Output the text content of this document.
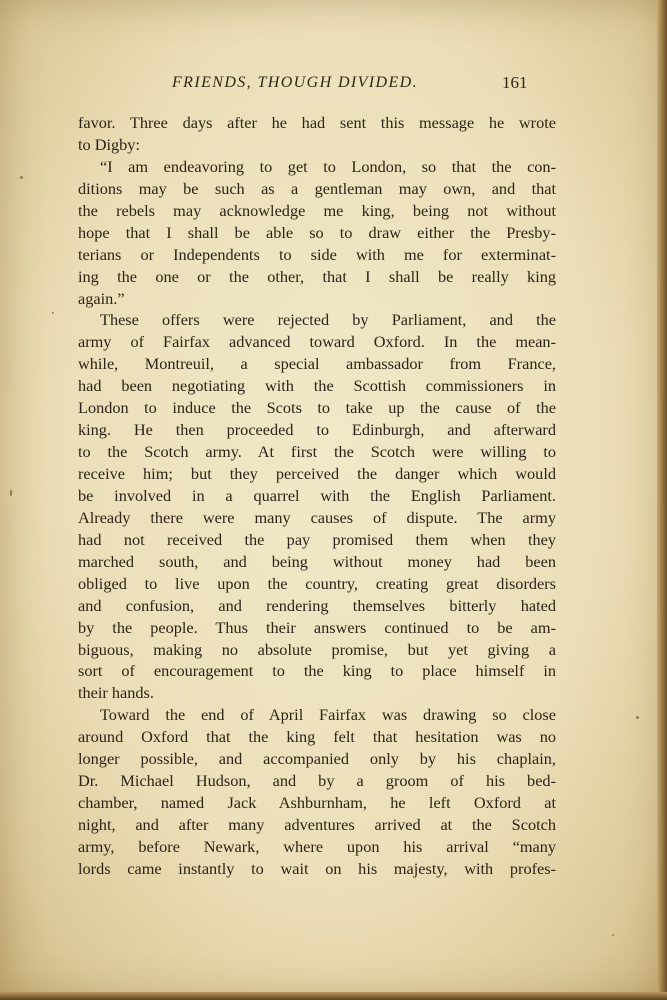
FRIENDS, THOUGH DIVIDED.	161
favor. Three days after he had sent this message he wrote
to Digby:
“I am endeavoring to get to London, so that the con-
ditions may be such as a gentleman may own, and that
the rebels may acknowledge me king, being not without
hope that I shall be able so to draw either the Presby-
terians or Independents to side with me for exterminat-
ing the one or the other, that I shall be really king
again.”
These offers were rejected by Parliament, and the
army of Fairfax advanced toward Oxford. In the mean-
while, Montreuil, a special ambassador from France,
had been negotiating with the Scottish commissioners in
London to induce the Scots to take up the cause of the
king. He then proceeded to Edinburgh, and afterward
to the Scotch army. At first the Scotch were willing to
receive him; but they perceived the danger which would
be involved in a quarrel with the English Parliament.
Already there were many causes of dispute. The army
had not received the pay promised them when they
marched south, and being without money had been
obliged to live upon the country, creating great disorders
and confusion, and rendering themselves bitterly hated
by the people. Thus their answers continued to be am-
biguous, making no absolute promise, but yet giving a
sort of encouragement to the king to place himself in
their hands.
Toward the end of April Fairfax was drawing so close
around Oxford that the king felt that hesitation was no
longer possible, and accompanied only by his chaplain,
Dr. Michael Hudson, and by a groom of his bed-
chamber, named Jack Ashburnham, he left Oxford at
night, and after many adventures arrived at the Scotch
army, before Newark, where upon his arrival “many
lords came instantly to wait on his majesty, with profes-
